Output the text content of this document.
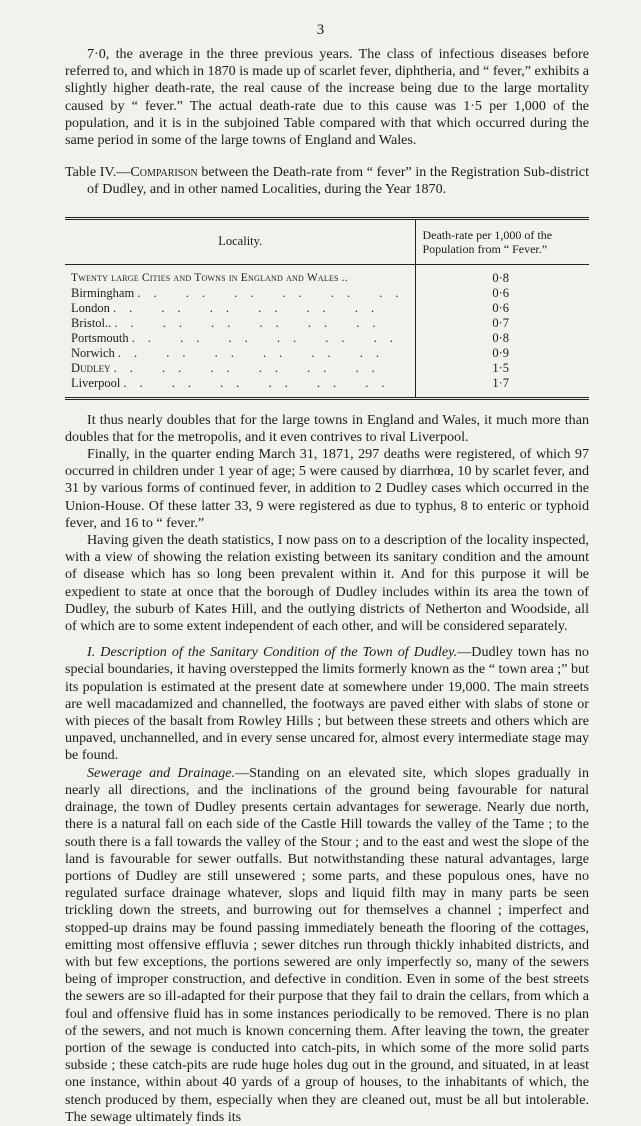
3

7·0, the average in the three previous years. The class of infectious diseases before referred to, and which in 1870 is made up of scarlet fever, diphtheria, and “ fever,” exhibits a slightly higher death-rate, the real cause of the increase being due to the large mortality caused by “ fever.” The actual death-rate due to this cause was 1·5 per 1,000 of the population, and it is in the subjoined Table compared with that which occurred during the same period in some of the large towns of England and Wales.

Table IV.—Comparison between the Death-rate from “ fever” in the Registration Sub-district of Dudley, and in other named Localities, during the Year 1870.

Locality.	Death-rate per 1,000 of the Population from “ Fever.”
Twenty large Cities and Towns in England and Wales ..	0·8
Birmingham .. .. .. .. .. ..	0·6
London .. .. .. .. .. ..	0·6
Bristol.. .. .. .. .. .. ..	0·7
Portsmouth .. .. .. .. .. ..	0·8
Norwich .. .. .. .. .. ..	0·9
Dudley .. .. .. .. .. ..	1·5
Liverpool .. .. .. .. .. ..	1·7

It thus nearly doubles that for the large towns in England and Wales, it much more than doubles that for the metropolis, and it even contrives to rival Liverpool.

Finally, in the quarter ending March 31, 1871, 297 deaths were registered, of which 97 occurred in children under 1 year of age; 5 were caused by diarrhœa, 10 by scarlet fever, and 31 by various forms of continued fever, in addition to 2 Dudley cases which occurred in the Union-House. Of these latter 33, 9 were registered as due to typhus, 8 to enteric or typhoid fever, and 16 to “ fever.”

Having given the death statistics, I now pass on to a description of the locality inspected, with a view of showing the relation existing between its sanitary condition and the amount of disease which has so long been prevalent within it. And for this purpose it will be expedient to state at once that the borough of Dudley includes within its area the town of Dudley, the suburb of Kates Hill, and the outlying districts of Netherton and Woodside, all of which are to some extent independent of each other, and will be considered separately.

I. Description of the Sanitary Condition of the Town of Dudley.—Dudley town has no special boundaries, it having overstepped the limits formerly known as the “ town area ;” but its population is estimated at the present date at somewhere under 19,000. The main streets are well macadamized and channelled, the footways are paved either with slabs of stone or with pieces of the basalt from Rowley Hills ; but between these streets and others which are unpaved, unchannelled, and in every sense uncared for, almost every intermediate stage may be found.

Sewerage and Drainage.—Standing on an elevated site, which slopes gradually in nearly all directions, and the inclinations of the ground being favourable for natural drainage, the town of Dudley presents certain advantages for sewerage. Nearly due north, there is a natural fall on each side of the Castle Hill towards the valley of the Tame ; to the south there is a fall towards the valley of the Stour ; and to the east and west the slope of the land is favourable for sewer outfalls. But notwithstanding these natural advantages, large portions of Dudley are still unsewered ; some parts, and these populous ones, have no regulated surface drainage whatever, slops and liquid filth may in many parts be seen trickling down the streets, and burrowing out for themselves a channel ; imperfect and stopped-up drains may be found passing immediately beneath the flooring of the cottages, emitting most offensive effluvia ; sewer ditches run through thickly inhabited districts, and with but few exceptions, the portions sewered are only imperfectly so, many of the sewers being of improper construction, and defective in condition. Even in some of the best streets the sewers are so ill-adapted for their purpose that they fail to drain the cellars, from which a foul and offensive fluid has in some instances periodically to be removed. There is no plan of the sewers, and not much is known concerning them. After leaving the town, the greater portion of the sewage is conducted into catch-pits, in which some of the more solid parts subside ; these catch-pits are rude huge holes dug out in the ground, and situated, in at least one instance, within about 40 yards of a group of houses, to the inhabitants of which, the stench produced by them, especially when they are cleaned out, must be all but intolerable. The sewage ultimately finds its
